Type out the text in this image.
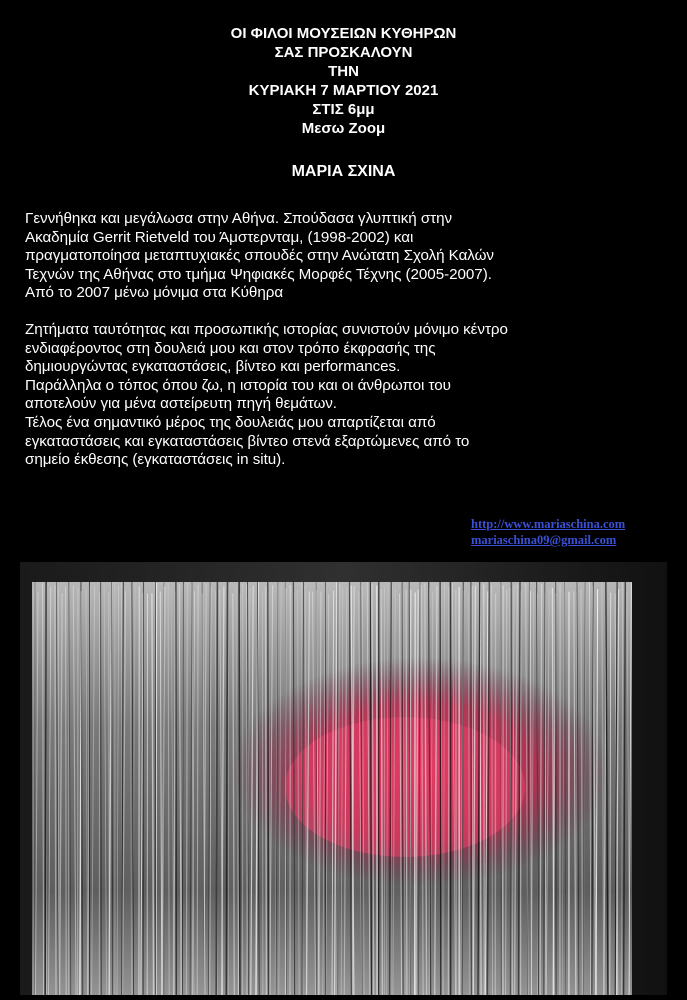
ΟΙ ΦΙΛΟΙ ΜΟΥΣΕΙΩΝ ΚΥΘΗΡΩΝ
ΣΑΣ ΠΡΟΣΚΑΛΟΥΝ
ΤΗΝ
ΚΥΡΙΑΚΗ 7 ΜΑΡΤΙΟΥ 2021
ΣΤΙΣ 6μμ
Μεσω Ζοομ
ΜΑΡΙΑ ΣΧΙΝΑ
Γεννήθηκα και μεγάλωσα στην Αθήνα. Σπούδασα γλυπτική στην
Ακαδημία Gerrit Rietveld του Άμστερνταμ, (1998-2002) και
πραγματοποίησα μεταπτυχιακές σπουδές στην Ανώτατη Σχολή Καλών
Τεχνών της Αθήνας στο τμήμα Ψηφιακές Μορφές Τέχνης (2005-2007).
Από το 2007 μένω μόνιμα στα Κύθηρα
Ζητήματα ταυτότητας και προσωπικής ιστορίας συνιστούν μόνιμο κέντρο
ενδιαφέροντος στη δουλειά μου και στον τρόπο έκφρασής της
δημιουργώντας εγκαταστάσεις, βίντεο και performances.
Παράλληλα ο τόπος όπου ζω, η ιστορία του και οι άνθρωποι του
αποτελούν για μένα αστείρευτη πηγή θεμάτων.
Τέλος ένα σημαντικό μέρος της δουλειάς μου απαρτίζεται από
εγκαταστάσεις και εγκαταστάσεις βίντεο στενά εξαρτώμενες από το
σημείο έκθεσης (εγκαταστάσεις in situ).
http://www.mariaschina.com
mariaschina09@gmail.com
